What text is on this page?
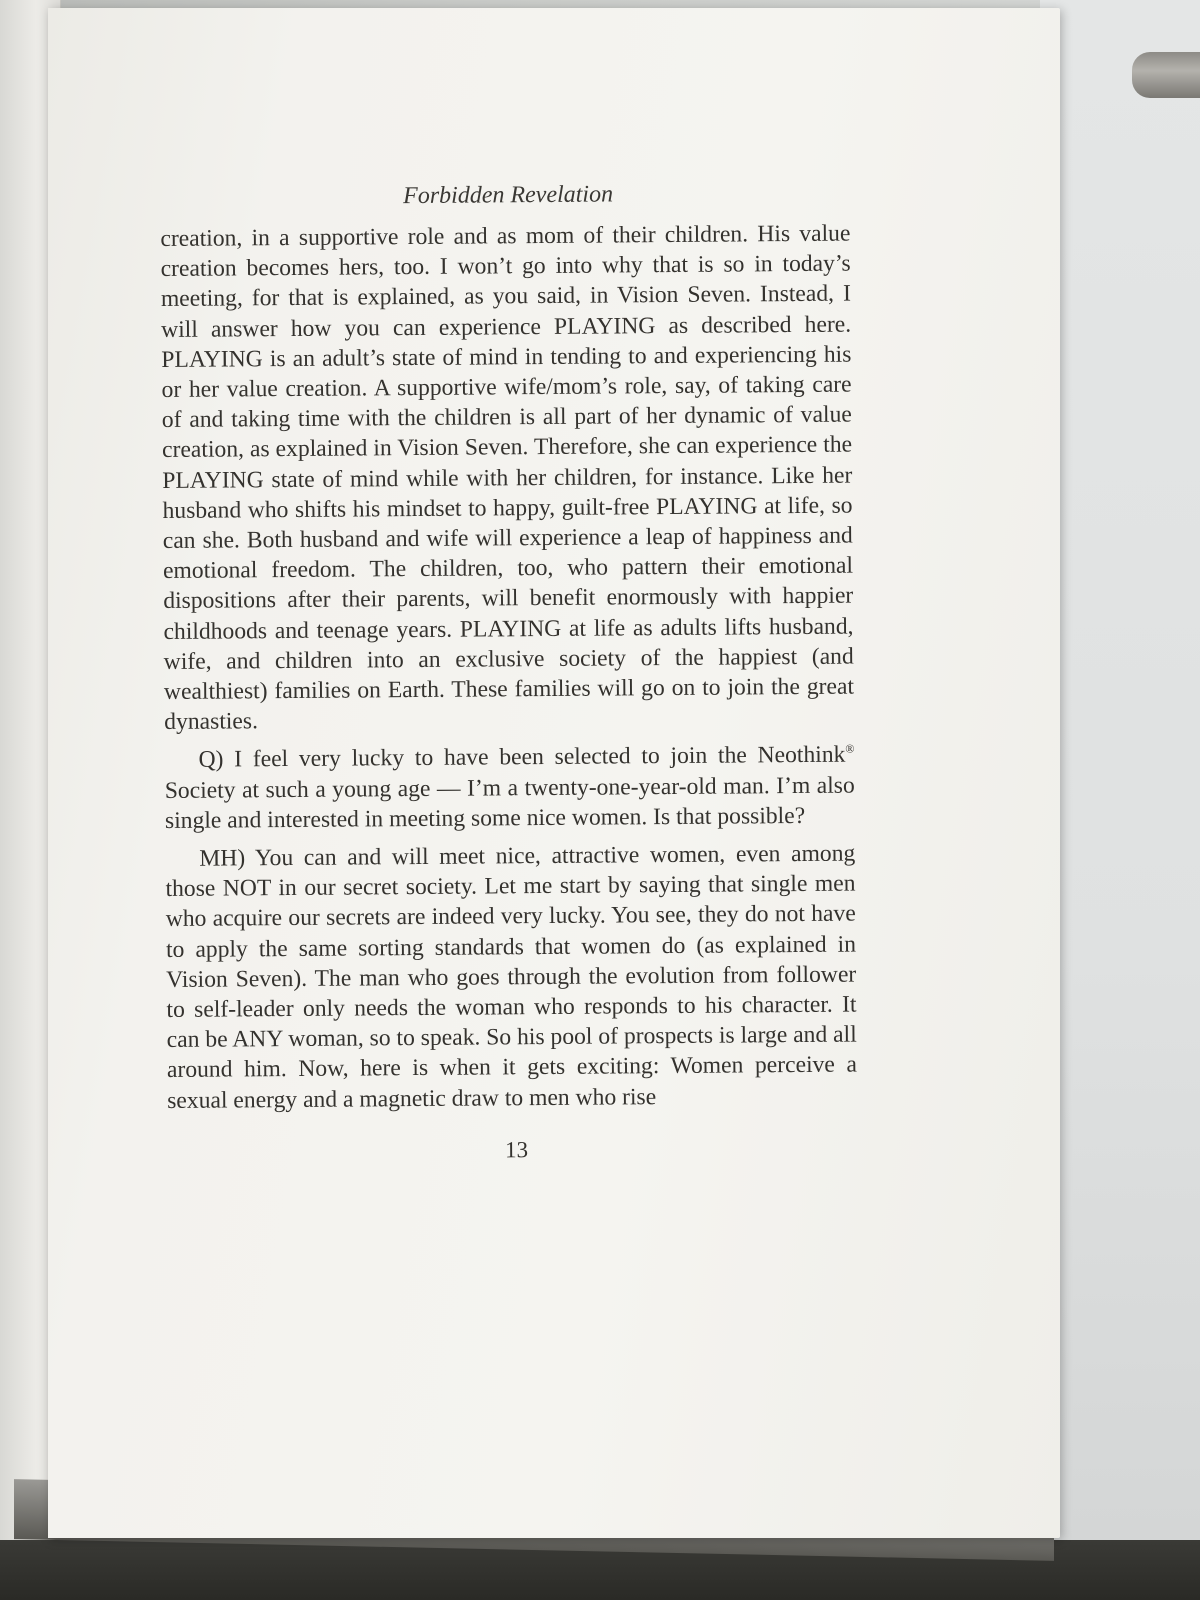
Forbidden Revelation

creation, in a supportive role and as mom of their children. His value creation becomes hers, too. I won’t go into why that is so in today’s meeting, for that is explained, as you said, in Vision Seven. Instead, I will answer how you can experience PLAYING as described here. PLAYING is an adult’s state of mind in tending to and experiencing his or her value creation. A supportive wife/mom’s role, say, of taking care of and taking time with the children is all part of her dynamic of value creation, as explained in Vision Seven. Therefore, she can experience the PLAYING state of mind while with her children, for instance. Like her husband who shifts his mindset to happy, guilt-free PLAYING at life, so can she. Both husband and wife will experience a leap of happiness and emotional freedom. The children, too, who pattern their emotional dispositions after their parents, will benefit enormously with happier childhoods and teenage years. PLAYING at life as adults lifts husband, wife, and children into an exclusive society of the happiest (and wealthiest) families on Earth. These families will go on to join the great dynasties.

Q) I feel very lucky to have been selected to join the Neothink® Society at such a young age — I’m a twenty-one-year-old man. I’m also single and interested in meeting some nice women. Is that possible?

MH) You can and will meet nice, attractive women, even among those NOT in our secret society. Let me start by saying that single men who acquire our secrets are indeed very lucky. You see, they do not have to apply the same sorting standards that women do (as explained in Vision Seven). The man who goes through the evolution from follower to self-leader only needs the woman who responds to his character. It can be ANY woman, so to speak. So his pool of prospects is large and all around him. Now, here is when it gets exciting: Women perceive a sexual energy and a magnetic draw to men who rise

13
